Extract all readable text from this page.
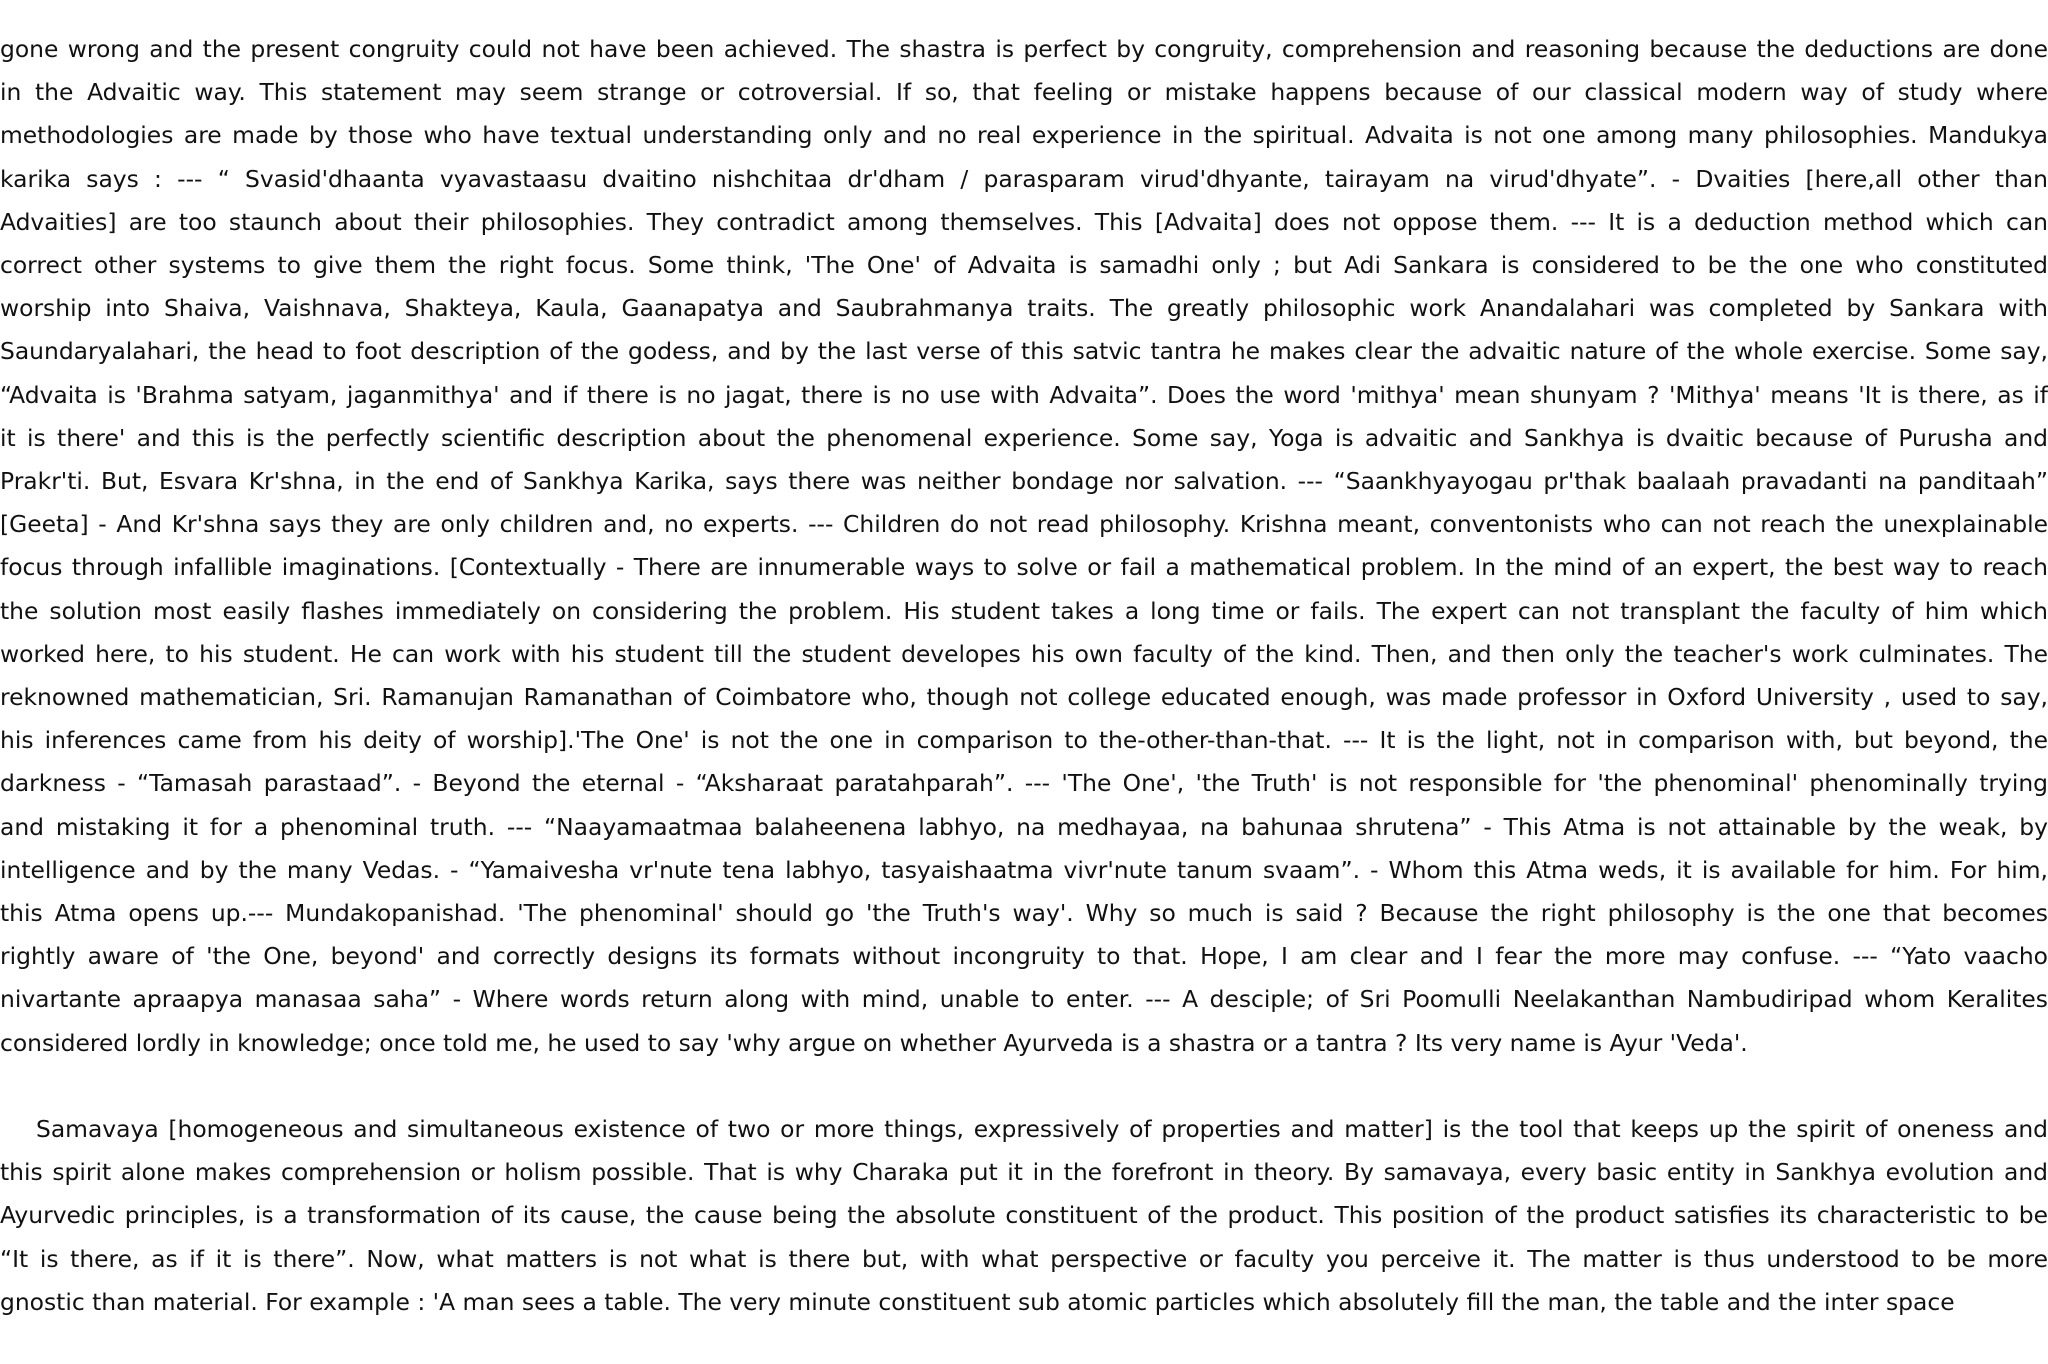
gone wrong and the present congruity could not have been achieved. The shastra is perfect by congruity, comprehension and reasoning because the deductions are done
in the Advaitic way. This statement may seem strange or cotroversial. If so, that feeling or mistake happens because of our classical modern way of study where
methodologies are made by those who have textual understanding only and no real experience in the spiritual. Advaita is not one among many philosophies. Mandukya
karika says : --- “ Svasid'dhaanta vyavastaasu dvaitino nishchitaa dr'dham / parasparam virud'dhyante, tairayam na virud'dhyate”. - Dvaities [here,all other than
Advaities] are too staunch about their philosophies. They contradict among themselves. This [Advaita] does not oppose them. --- It is a deduction method which can
correct other systems to give them the right focus. Some think, 'The One' of Advaita is samadhi only ; but Adi Sankara is considered to be the one who constituted
worship into Shaiva, Vaishnava, Shakteya, Kaula, Gaanapatya and Saubrahmanya traits. The greatly philosophic work Anandalahari was completed by Sankara with
Saundaryalahari, the head to foot description of the godess, and by the last verse of this satvic tantra he makes clear the advaitic nature of the whole exercise. Some say,
“Advaita is 'Brahma satyam, jaganmithya' and if there is no jagat, there is no use with Advaita”. Does the word 'mithya' mean shunyam ? 'Mithya' means 'It is there, as if
it is there' and this is the perfectly scientific description about the phenomenal experience. Some say, Yoga is advaitic and Sankhya is dvaitic because of Purusha and
Prakr'ti. But, Esvara Kr'shna, in the end of Sankhya Karika, says there was neither bondage nor salvation. --- “Saankhyayogau pr'thak baalaah pravadanti na panditaah”
[Geeta] - And Kr'shna says they are only children and, no experts. --- Children do not read philosophy. Krishna meant, conventonists who can not reach the unexplainable
focus through infallible imaginations. [Contextually - There are innumerable ways to solve or fail a mathematical problem. In the mind of an expert, the best way to reach
the solution most easily flashes immediately on considering the problem. His student takes a long time or fails. The expert can not transplant the faculty of him which
worked here, to his student. He can work with his student till the student developes his own faculty of the kind. Then, and then only the teacher's work culminates. The
reknowned mathematician, Sri. Ramanujan Ramanathan of Coimbatore who, though not college educated enough, was made professor in Oxford University , used to say,
his inferences came from his deity of worship].'The One' is not the one in comparison to the-other-than-that. --- It is the light, not in comparison with, but beyond, the
darkness - “Tamasah parastaad”. - Beyond the eternal - “Aksharaat paratahparah”. --- 'The One', 'the Truth' is not responsible for 'the phenominal' phenominally trying
and mistaking it for a phenominal truth. --- “Naayamaatmaa balaheenena labhyo, na medhayaa, na bahunaa shrutena” - This Atma is not attainable by the weak, by
intelligence and by the many Vedas. - “Yamaivesha vr'nute tena labhyo, tasyaishaatma vivr'nute tanum svaam”. - Whom this Atma weds, it is available for him. For him,
this Atma opens up.--- Mundakopanishad. 'The phenominal' should go 'the Truth's way'. Why so much is said ? Because the right philosophy is the one that becomes
rightly aware of 'the One, beyond' and correctly designs its formats without incongruity to that. Hope, I am clear and I fear the more may confuse. --- “Yato vaacho
nivartante apraapya manasaa saha” - Where words return along with mind, unable to enter. --- A desciple; of Sri Poomulli Neelakanthan Nambudiripad whom Keralites
considered lordly in knowledge; once told me, he used to say 'why argue on whether Ayurveda is a shastra or a tantra ? Its very name is Ayur 'Veda'.
Samavaya [homogeneous and simultaneous existence of two or more things, expressively of properties and matter] is the tool that keeps up the spirit of oneness and
this spirit alone makes comprehension or holism possible. That is why Charaka put it in the forefront in theory. By samavaya, every basic entity in Sankhya evolution and
Ayurvedic principles, is a transformation of its cause, the cause being the absolute constituent of the product. This position of the product satisfies its characteristic to be
“It is there, as if it is there”. Now, what matters is not what is there but, with what perspective or faculty you perceive it. The matter is thus understood to be more
gnostic than material. For example : 'A man sees a table. The very minute constituent sub atomic particles which absolutely fill the man, the table and the inter space
